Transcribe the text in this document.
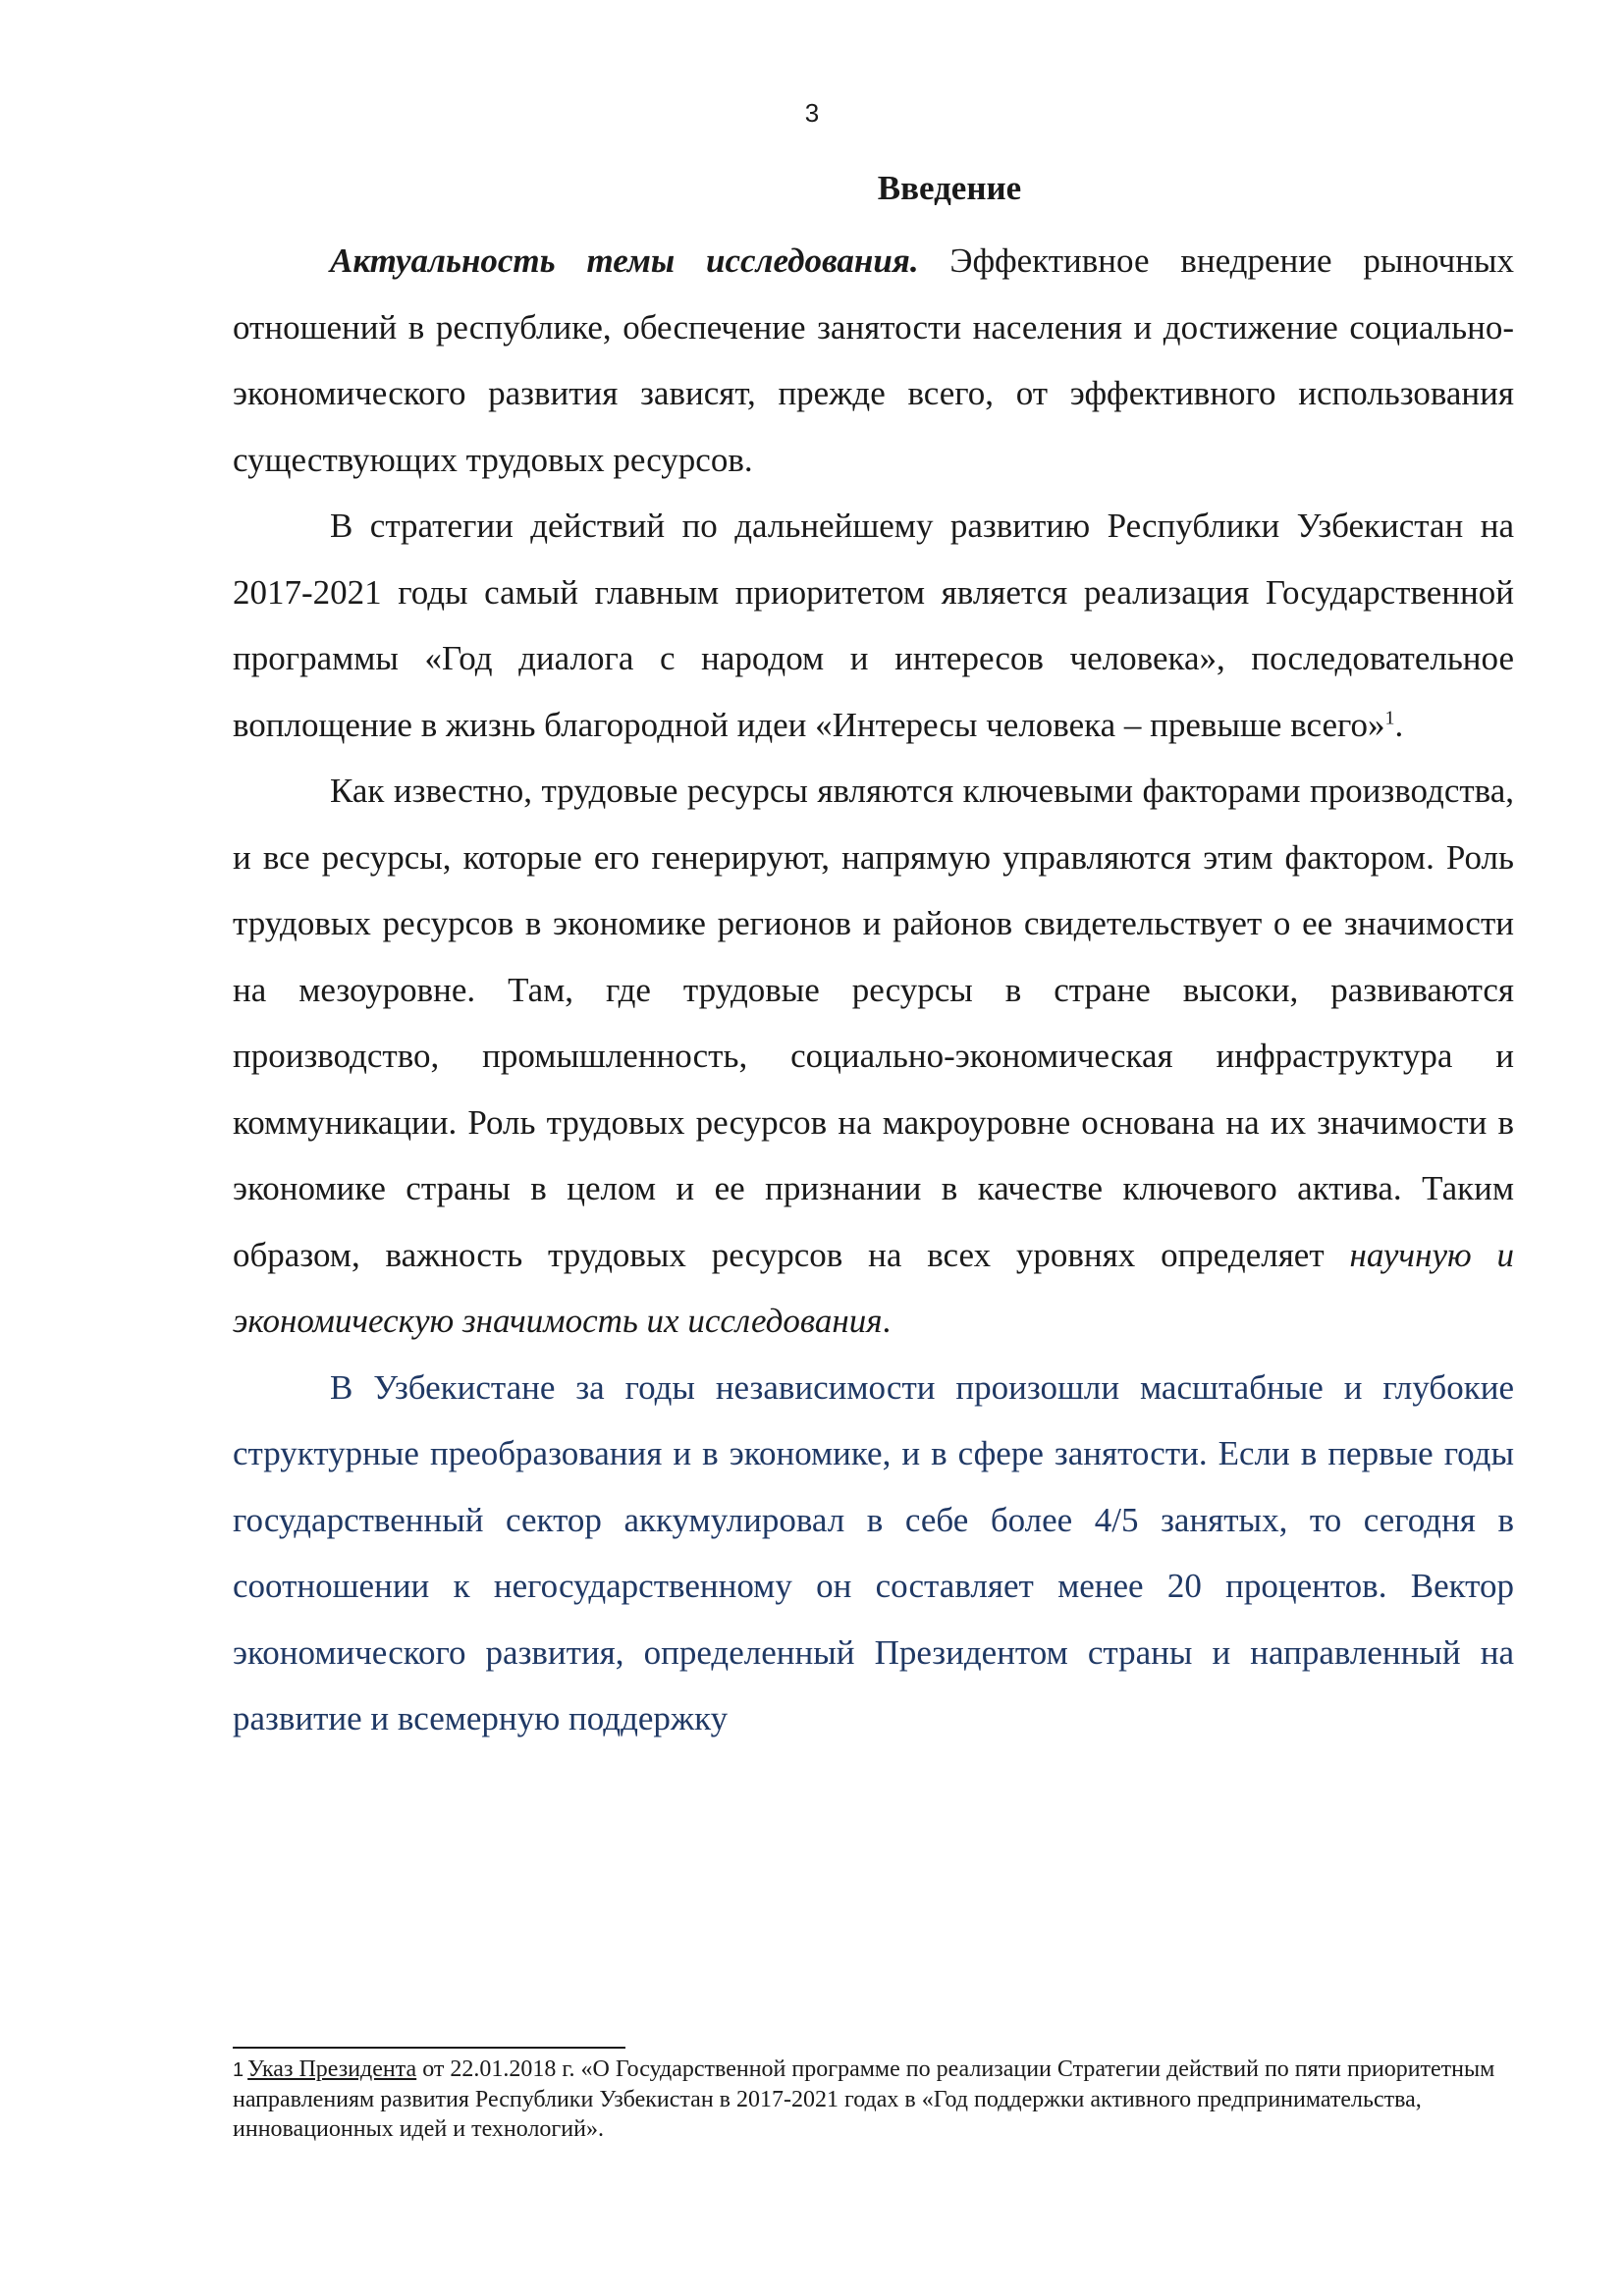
3
Введение

Актуальность темы исследования. Эффективное внедрение рыночных отношений в республике, обеспечение занятости населения и достижение социально-экономического развития зависят, прежде всего, от эффективного использования существующих трудовых ресурсов.

В стратегии действий по дальнейшему развитию Республики Узбекистан на 2017-2021 годы самый главным приоритетом является реализация Государственной программы «Год диалога с народом и интересов человека», последовательное воплощение в жизнь благородной идеи «Интересы человека – превыше всего»$^1$.

Как известно, трудовые ресурсы являются ключевыми факторами производства, и все ресурсы, которые его генерируют, напрямую управляются этим фактором. Роль трудовых ресурсов в экономике регионов и районов свидетельствует о ее значимости на мезоуровне. Там, где трудовые ресурсы в стране высоки, развиваются производство, промышленность, социально-экономическая инфраструктура и коммуникации. Роль трудовых ресурсов на макроуровне основана на их значимости в экономике страны в целом и ее признании в качестве ключевого актива. Таким образом, важность трудовых ресурсов на всех уровнях определяет научную и экономическую значимость их исследования.

В Узбекистане за годы независимости произошли масштабные и глубокие структурные преобразования и в экономике, и в сфере занятости. Если в первые годы государственный сектор аккумулировал в себе более 4/5 занятых, то сегодня в соотношении к негосударственному он составляет менее 20 процентов. Вектор экономического развития, определенный Президентом страны и направленный на развитие и всемерную поддержку

1 Указ Президента от 22.01.2018 г. «О Государственной программе по реализации Стратегии действий по пяти приоритетным направлениям развития Республики Узбекистан в 2017-2021 годах в «Год поддержки активного предпринимательства, инновационных идей и технологий».
